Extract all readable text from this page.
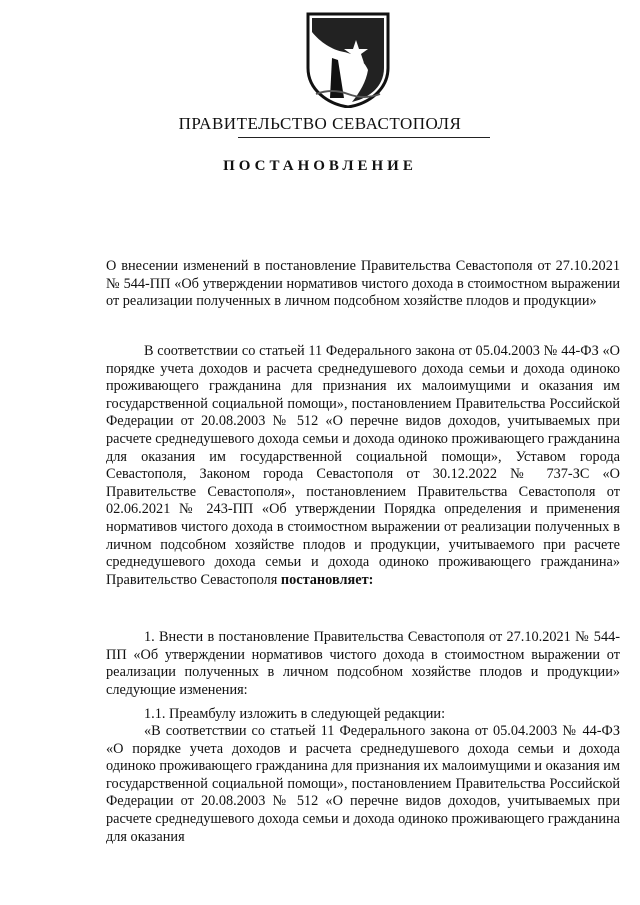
ПРАВИТЕЛЬСТВО СЕВАСТОПОЛЯ
ПОСТАНОВЛЕНИЕ

О внесении изменений в постановление Правительства Севастополя от 27.10.2021 № 544-ПП «Об утверждении нормативов чистого дохода в стоимостном выражении от реализации полученных в личном подсобном хозяйстве плодов и продукции»

В соответствии со статьей 11 Федерального закона от 05.04.2003 № 44-ФЗ «О порядке учета доходов и расчета среднедушевого дохода семьи и дохода одиноко проживающего гражданина для признания их малоимущими и оказания им государственной социальной помощи», постановлением Правительства Российской Федерации от 20.08.2003 № 512 «О перечне видов доходов, учитываемых при расчете среднедушевого дохода семьи и дохода одиноко проживающего гражданина для оказания им государственной социальной помощи», Уставом города Севастополя, Законом города Севастополя от 30.12.2022 № 737-ЗС «О Правительстве Севастополя», постановлением Правительства Севастополя от 02.06.2021 № 243-ПП «Об утверждении Порядка определения и применения нормативов чистого дохода в стоимостном выражении от реализации полученных в личном подсобном хозяйстве плодов и продукции, учитываемого при расчете среднедушевого дохода семьи и дохода одиноко проживающего гражданина» Правительство Севастополя постановляет:

1. Внести в постановление Правительства Севастополя от 27.10.2021 № 544-ПП «Об утверждении нормативов чистого дохода в стоимостном выражении от реализации полученных в личном подсобном хозяйстве плодов и продукции» следующие изменения:

1.1. Преамбулу изложить в следующей редакции:

«В соответствии со статьей 11 Федерального закона от 05.04.2003 № 44-ФЗ «О порядке учета доходов и расчета среднедушевого дохода семьи и дохода одиноко проживающего гражданина для признания их малоимущими и оказания им государственной социальной помощи», постановлением Правительства Российской Федерации от 20.08.2003 № 512 «О перечне видов доходов, учитываемых при расчете среднедушевого дохода семьи и дохода одиноко проживающего гражданина для оказания
